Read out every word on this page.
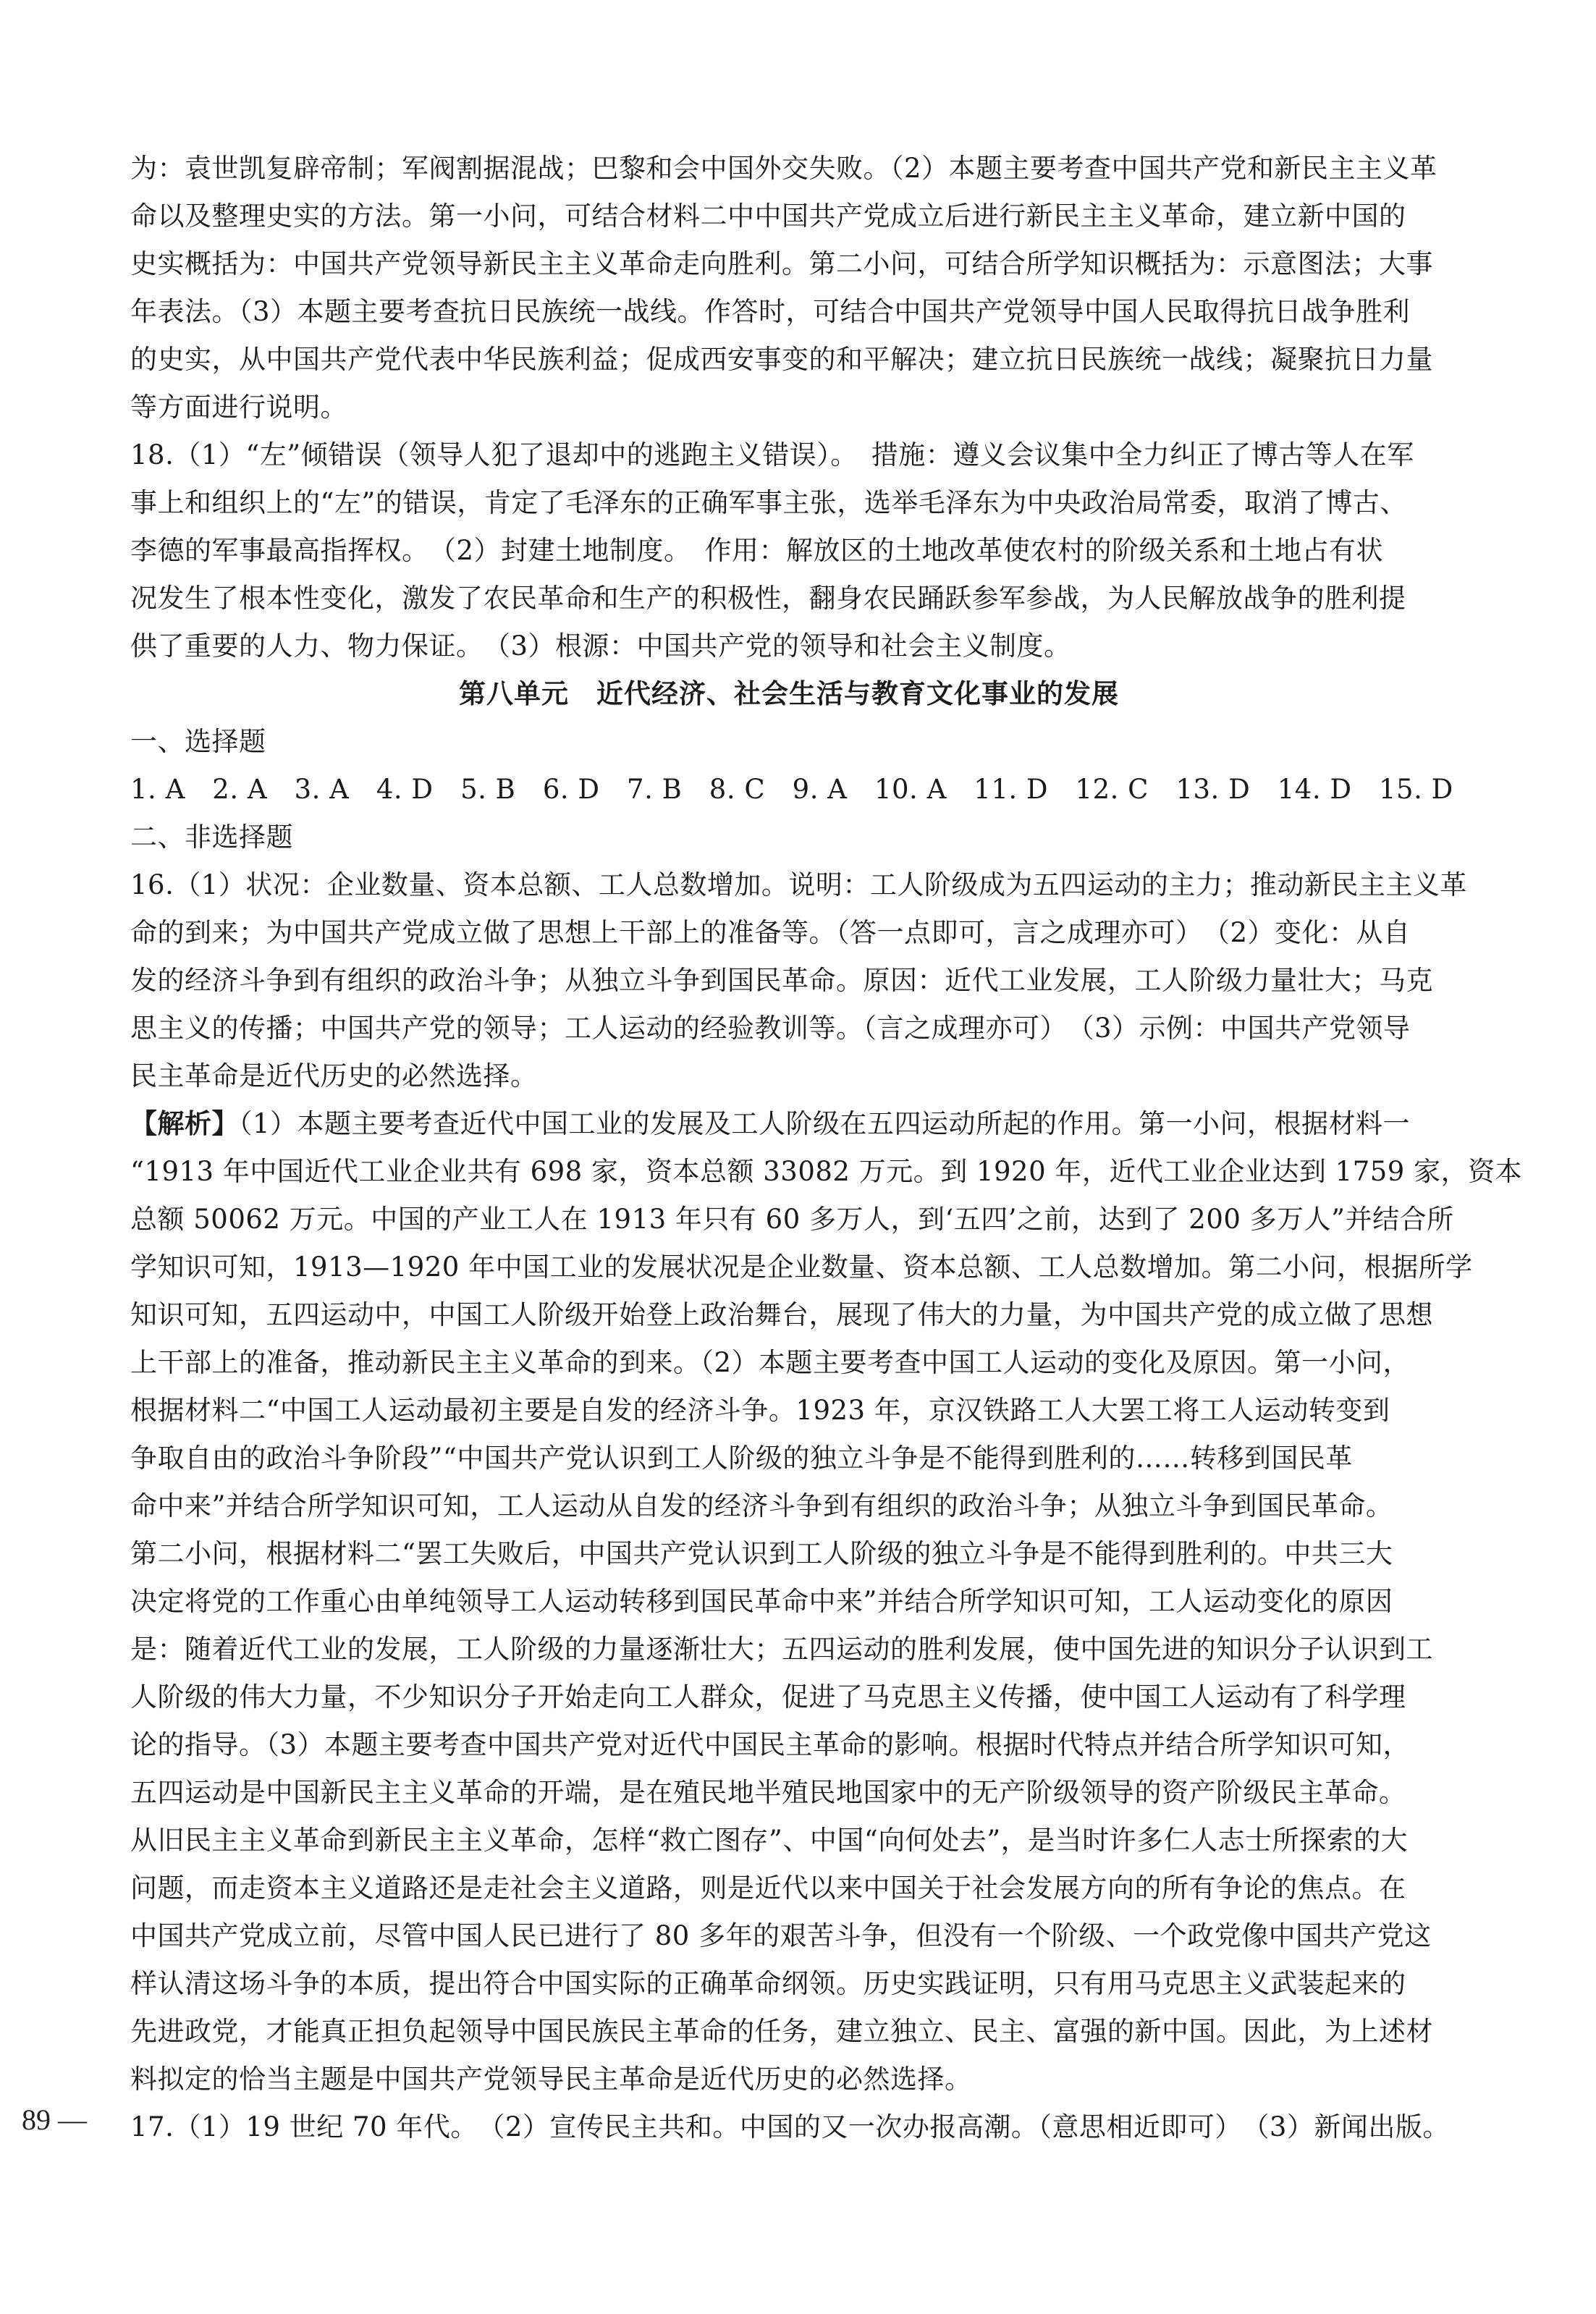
为：袁世凯复辟帝制；军阀割据混战；巴黎和会中国外交失败。（2）本题主要考查中国共产党和新民主主义革
命以及整理史实的方法。第一小问，可结合材料二中中国共产党成立后进行新民主主义革命，建立新中国的
史实概括为：中国共产党领导新民主主义革命走向胜利。第二小问，可结合所学知识概括为：示意图法；大事
年表法。（3）本题主要考查抗日民族统一战线。作答时，可结合中国共产党领导中国人民取得抗日战争胜利
的史实，从中国共产党代表中华民族利益；促成西安事变的和平解决；建立抗日民族统一战线；凝聚抗日力量
等方面进行说明。
18.（1）“左”倾错误（领导人犯了退却中的逃跑主义错误）。　措施：遵义会议集中全力纠正了博古等人在军
事上和组织上的“左”的错误，肯定了毛泽东的正确军事主张，选举毛泽东为中央政治局常委，取消了博古、
李德的军事最高指挥权。　（2）封建土地制度。　作用：解放区的土地改革使农村的阶级关系和土地占有状
况发生了根本性变化，激发了农民革命和生产的积极性，翻身农民踊跃参军参战，为人民解放战争的胜利提
供了重要的人力、物力保证。　（3）根源：中国共产党的领导和社会主义制度。
第八单元　近代经济、社会生活与教育文化事业的发展
一、选择题
1. A　2. A　3. A　4. D　5. B　6. D　7. B　8. C　9. A　10. A　11. D　12. C　13. D　14. D　15. D
二、非选择题
16.（1）状况：企业数量、资本总额、工人总数增加。说明：工人阶级成为五四运动的主力；推动新民主主义革
命的到来；为中国共产党成立做了思想上干部上的准备等。（答一点即可，言之成理亦可）　（2）变化：从自
发的经济斗争到有组织的政治斗争；从独立斗争到国民革命。原因：近代工业发展，工人阶级力量壮大；马克
思主义的传播；中国共产党的领导；工人运动的经验教训等。（言之成理亦可）　（3）示例：中国共产党领导
民主革命是近代历史的必然选择。
【解析】（1）本题主要考查近代中国工业的发展及工人阶级在五四运动所起的作用。第一小问，根据材料一
“1913 年中国近代工业企业共有 698 家，资本总额 33082 万元。到 1920 年，近代工业企业达到 1759 家，资本
总额 50062 万元。中国的产业工人在 1913 年只有 60 多万人，到‘五四’之前，达到了 200 多万人”并结合所
学知识可知，1913—1920 年中国工业的发展状况是企业数量、资本总额、工人总数增加。第二小问，根据所学
知识可知，五四运动中，中国工人阶级开始登上政治舞台，展现了伟大的力量，为中国共产党的成立做了思想
上干部上的准备，推动新民主主义革命的到来。（2）本题主要考查中国工人运动的变化及原因。第一小问，
根据材料二“中国工人运动最初主要是自发的经济斗争。1923 年，京汉铁路工人大罢工将工人运动转变到
争取自由的政治斗争阶段”“中国共产党认识到工人阶级的独立斗争是不能得到胜利的……转移到国民革
命中来”并结合所学知识可知，工人运动从自发的经济斗争到有组织的政治斗争；从独立斗争到国民革命。
第二小问，根据材料二“罢工失败后，中国共产党认识到工人阶级的独立斗争是不能得到胜利的。中共三大
决定将党的工作重心由单纯领导工人运动转移到国民革命中来”并结合所学知识可知，工人运动变化的原因
是：随着近代工业的发展，工人阶级的力量逐渐壮大；五四运动的胜利发展，使中国先进的知识分子认识到工
人阶级的伟大力量，不少知识分子开始走向工人群众，促进了马克思主义传播，使中国工人运动有了科学理
论的指导。（3）本题主要考查中国共产党对近代中国民主革命的影响。根据时代特点并结合所学知识可知，
五四运动是中国新民主主义革命的开端，是在殖民地半殖民地国家中的无产阶级领导的资产阶级民主革命。
从旧民主主义革命到新民主主义革命，怎样“救亡图存”、中国“向何处去”，是当时许多仁人志士所探索的大
问题，而走资本主义道路还是走社会主义道路，则是近代以来中国关于社会发展方向的所有争论的焦点。在
中国共产党成立前，尽管中国人民已进行了 80 多年的艰苦斗争，但没有一个阶级、一个政党像中国共产党这
样认清这场斗争的本质，提出符合中国实际的正确革命纲领。历史实践证明，只有用马克思主义武装起来的
先进政党，才能真正担负起领导中国民族民主革命的任务，建立独立、民主、富强的新中国。因此，为上述材
料拟定的恰当主题是中国共产党领导民主革命是近代历史的必然选择。
17.（1）19 世纪 70 年代。　（2）宣传民主共和。中国的又一次办报高潮。（意思相近即可）　（3）新闻出版。
89 —
